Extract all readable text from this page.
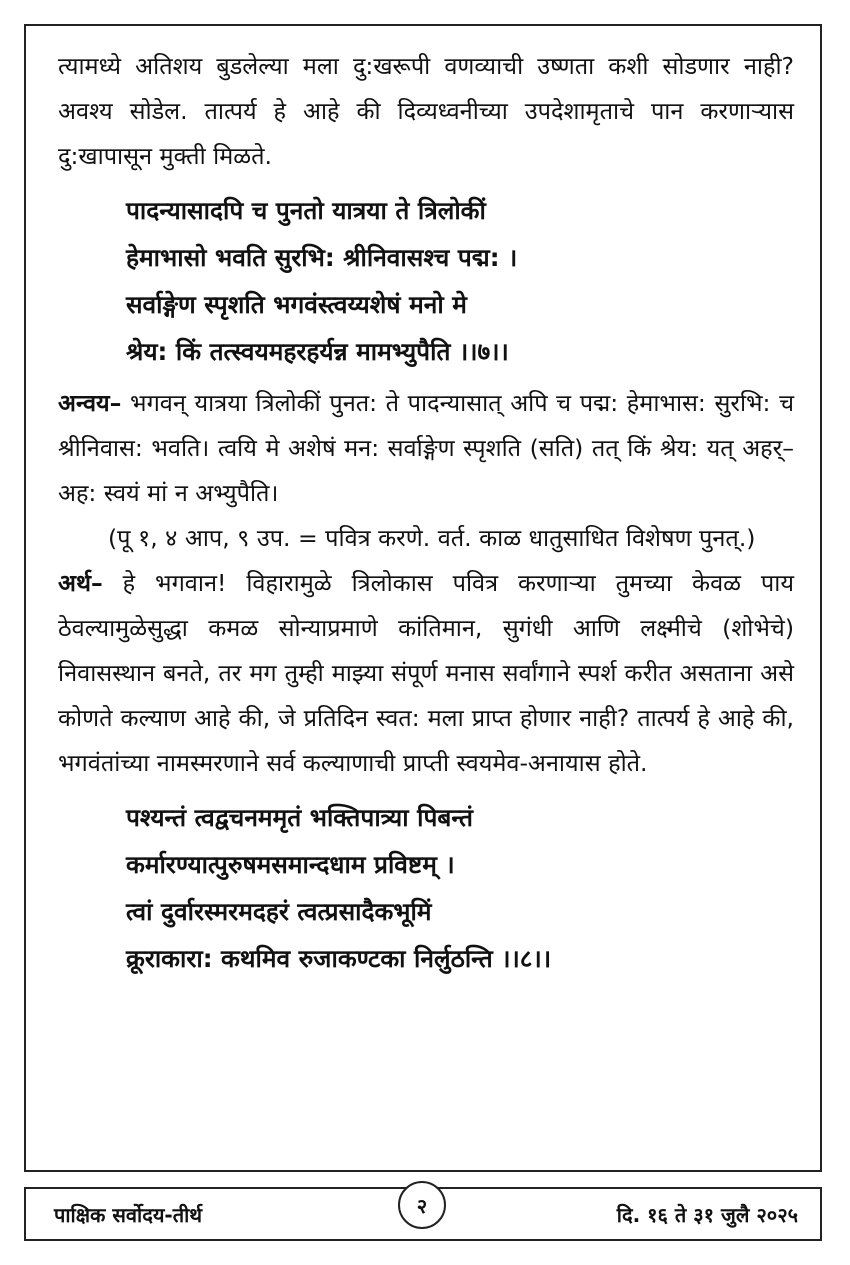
त्यामध्ये अतिशय बुडलेल्या मला दु:खरूपी वणव्याची उष्णता कशी सोडणार नाही? अवश्य सोडेल. तात्पर्य हे आहे की दिव्यध्वनीच्या उपदेशामृताचे पान करणाऱ्यास दु:खापासून मुक्ती मिळते.

पादन्यासादपि च पुनतो यात्रया ते त्रिलोकीं
हेमाभासो भवति सुरभि: श्रीनिवासश्च पद्म: ।
सर्वाङ्गेण स्पृशति भगवंस्त्वय्यशेषं मनो मे
श्रेय: किं तत्स्वयमहरहर्यन्न मामभ्युपैति ।।७।।

अन्वय– भगवन् यात्रया त्रिलोकीं पुनत: ते पादन्यासात् अपि च पद्म: हेमाभास: सुरभि: च श्रीनिवास: भवति। त्वयि मे अशेषं मन: सर्वाङ्गेण स्पृशति (सति) तत् किं श्रेय: यत् अहर्–अह: स्वयं मां न अभ्युपैति।

(पू १, ४ आप, ९ उप. = पवित्र करणे. वर्त. काळ धातुसाधित विशेषण पुनत्.)

अर्थ– हे भगवान! विहारामुळे त्रिलोकास पवित्र करणाऱ्या तुमच्या केवळ पाय ठेवल्यामुळेसुद्धा कमळ सोन्याप्रमाणे कांतिमान, सुगंधी आणि लक्ष्मीचे (शोभेचे) निवासस्थान बनते, तर मग तुम्ही माझ्या संपूर्ण मनास सर्वांगाने स्पर्श करीत असताना असे कोणते कल्याण आहे की, जे प्रतिदिन स्वत: मला प्राप्त होणार नाही? तात्पर्य हे आहे की, भगवंतांच्या नामस्मरणाने सर्व कल्याणाची प्राप्ती स्वयमेव-अनायास होते.

पश्यन्तं त्वद्वचनममृतं भक्तिपात्र्या पिबन्तं
कर्मारण्यात्पुरुषमसमान्दधाम प्रविष्टम् ।
त्वां दुर्वारस्मरमदहरं त्वत्प्रसादैकभूमिं
क्रूराकारा: कथमिव रुजाकण्टका निर्लुठन्ति ।।८।।
पाक्षिक सर्वोदय-तीर्थ	२	दि. १६ ते ३१ जुलै २०२५
